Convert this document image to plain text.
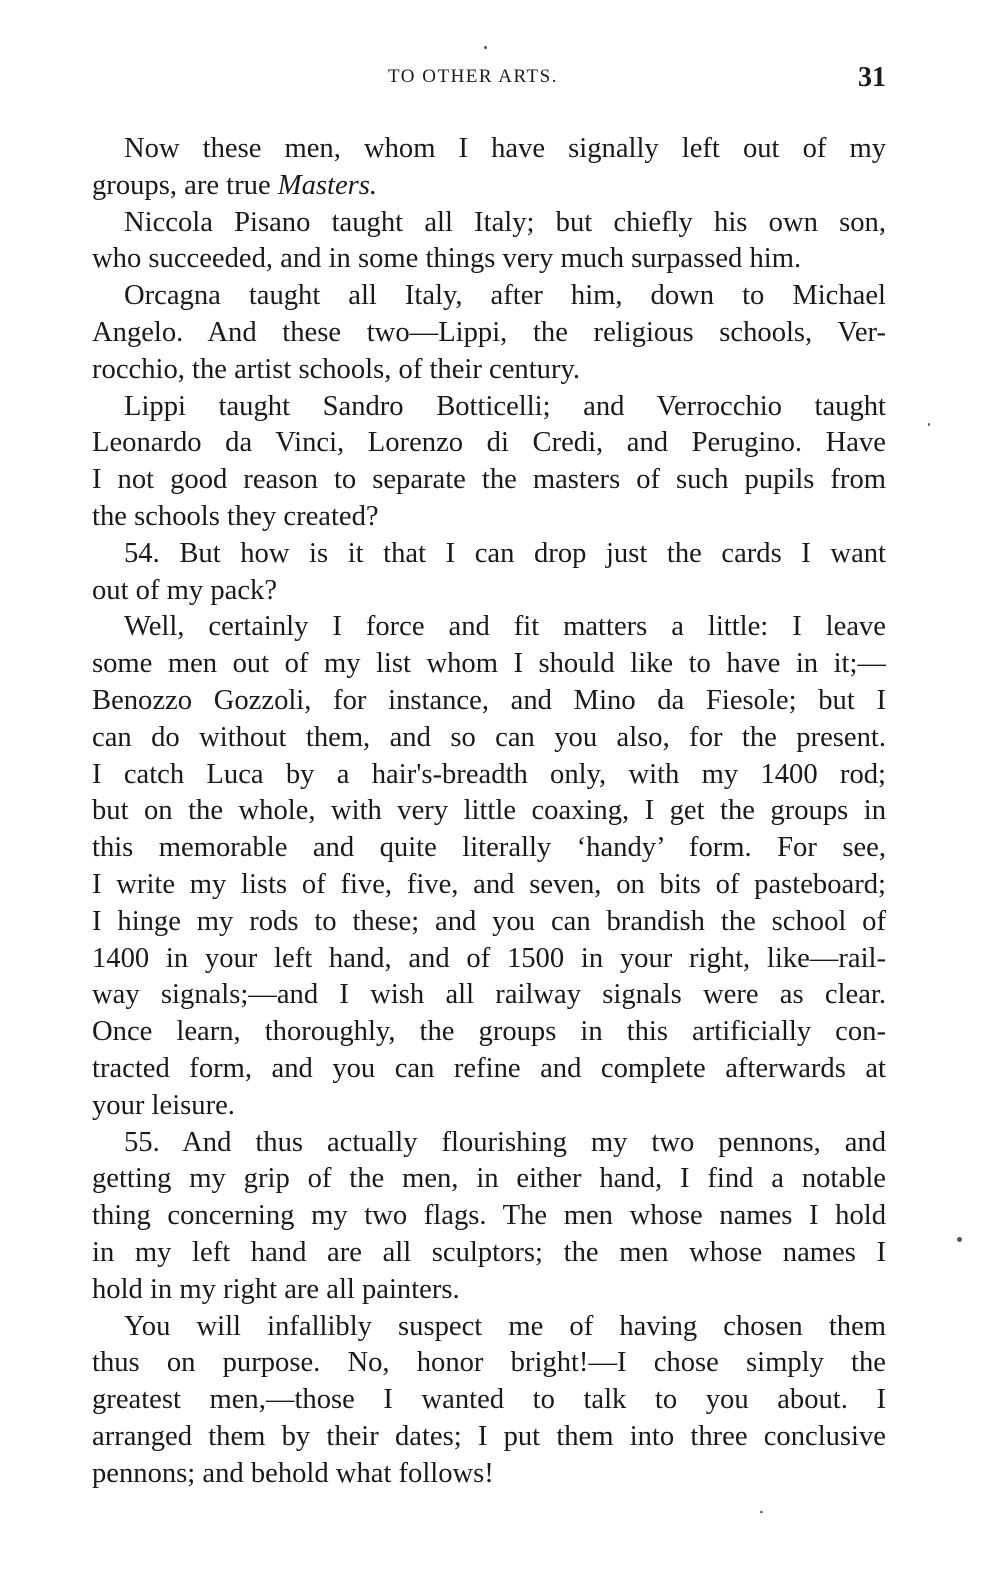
TO OTHER ARTS.	31
Now these men, whom I have signally left out of my
groups, are true Masters.
Niccola Pisano taught all Italy; but chiefly his own son,
who succeeded, and in some things very much surpassed him.
Orcagna taught all Italy, after him, down to Michael
Angelo. And these two—Lippi, the religious schools, Ver-
rocchio, the artist schools, of their century.
Lippi taught Sandro Botticelli; and Verrocchio taught
Leonardo da Vinci, Lorenzo di Credi, and Perugino. Have
I not good reason to separate the masters of such pupils from
the schools they created?
54. But how is it that I can drop just the cards I want
out of my pack?
Well, certainly I force and fit matters a little: I leave
some men out of my list whom I should like to have in it;—
Benozzo Gozzoli, for instance, and Mino da Fiesole; but I
can do without them, and so can you also, for the present.
I catch Luca by a hair's-breadth only, with my 1400 rod;
but on the whole, with very little coaxing, I get the groups in
this memorable and quite literally ‘handy’ form. For see,
I write my lists of five, five, and seven, on bits of pasteboard;
I hinge my rods to these; and you can brandish the school of
1400 in your left hand, and of 1500 in your right, like—rail-
way signals;—and I wish all railway signals were as clear.
Once learn, thoroughly, the groups in this artificially con-
tracted form, and you can refine and complete afterwards at
your leisure.
55. And thus actually flourishing my two pennons, and
getting my grip of the men, in either hand, I find a notable
thing concerning my two flags. The men whose names I hold
in my left hand are all sculptors; the men whose names I
hold in my right are all painters.
You will infallibly suspect me of having chosen them
thus on purpose. No, honor bright!—I chose simply the
greatest men,—those I wanted to talk to you about. I
arranged them by their dates; I put them into three conclusive
pennons; and behold what follows!
